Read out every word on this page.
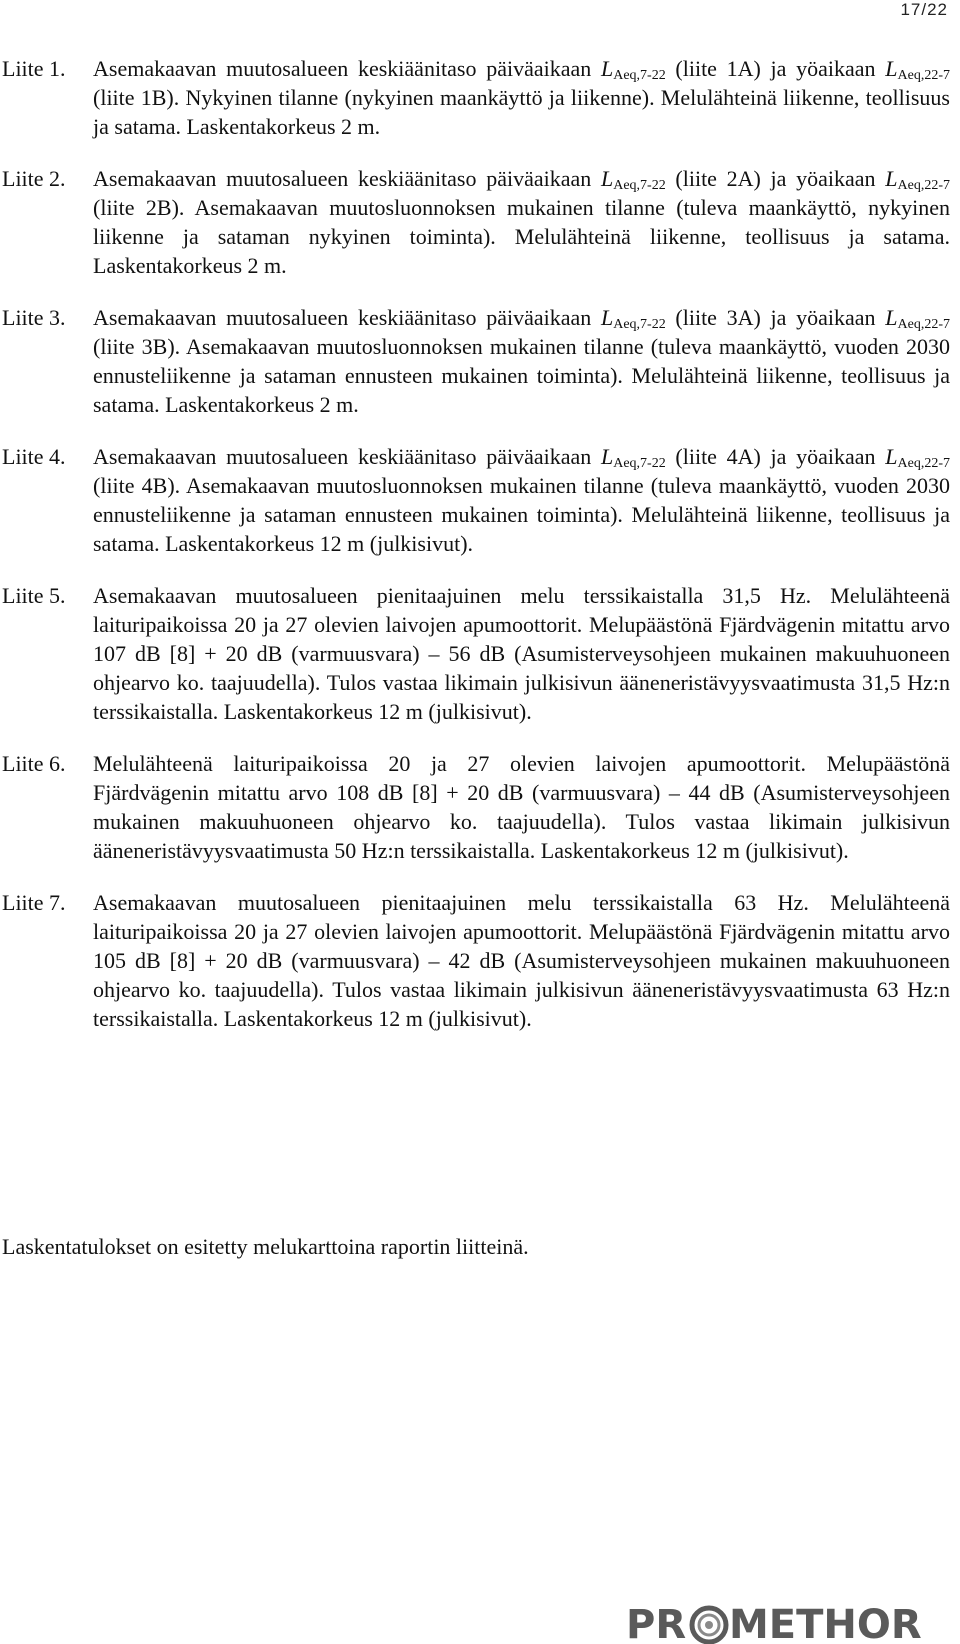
17/22
Liite 1.	Asemakaavan muutosalueen keskiäänitaso päiväaikaan $L_{Aeq,7-22}$ (liite 1A) ja yöaikaan $L_{Aeq,22-7}$ (liite 1B). Nykyinen tilanne (nykyinen maankäyttö ja liikenne). Melulähteinä liikenne, teollisuus ja satama. Laskentakorkeus 2 m.
Liite 2.	Asemakaavan muutosalueen keskiäänitaso päiväaikaan $L_{Aeq,7-22}$ (liite 2A) ja yöaikaan $L_{Aeq,22-7}$ (liite 2B). Asemakaavan muutosluonnoksen mukainen tilanne (tuleva maankäyttö, nykyinen liikenne ja sataman nykyinen toiminta). Melulähteinä liikenne, teollisuus ja satama. Laskentakorkeus 2 m.
Liite 3.	Asemakaavan muutosalueen keskiäänitaso päiväaikaan $L_{Aeq,7-22}$ (liite 3A) ja yöaikaan $L_{Aeq,22-7}$ (liite 3B). Asemakaavan muutosluonnoksen mukainen tilanne (tuleva maankäyttö, vuoden 2030 ennusteliikenne ja sataman ennusteen mukainen toiminta). Melulähteinä liikenne, teollisuus ja satama. Laskentakorkeus 2 m.
Liite 4.	Asemakaavan muutosalueen keskiäänitaso päiväaikaan $L_{Aeq,7-22}$ (liite 4A) ja yöaikaan $L_{Aeq,22-7}$ (liite 4B). Asemakaavan muutosluonnoksen mukainen tilanne (tuleva maankäyttö, vuoden 2030 ennusteliikenne ja sataman ennusteen mukainen toiminta). Melulähteinä liikenne, teollisuus ja satama. Laskentakorkeus 12 m (julkisivut).
Liite 5.	Asemakaavan muutosalueen pienitaajuinen melu terssikaistalla 31,5 Hz. Melulähteenä laituripaikoissa 20 ja 27 olevien laivojen apumoottorit. Melupäästönä Fjärdvägenin mitattu arvo 107 dB [8] + 20 dB (varmuusvara) – 56 dB (Asumisterveysohjeen mukainen makuuhuoneen ohjearvo ko. taajuudella). Tulos vastaa likimain julkisivun ääneneristävyysvaatimusta 31,5 Hz:n terssikaistalla. Laskentakorkeus 12 m (julkisivut).
Liite 6.	Melulähteenä laituripaikoissa 20 ja 27 olevien laivojen apumoottorit. Melupäästönä Fjärdvägenin mitattu arvo 108 dB [8] + 20 dB (varmuusvara) – 44 dB (Asumisterveysohjeen mukainen makuuhuoneen ohjearvo ko. taajuudella). Tulos vastaa likimain julkisivun ääneneristävyysvaatimusta 50 Hz:n terssikaistalla. Laskentakorkeus 12 m (julkisivut).
Liite 7.	Asemakaavan muutosalueen pienitaajuinen melu terssikaistalla 63 Hz. Melulähteenä laituripaikoissa 20 ja 27 olevien laivojen apumoottorit. Melupäästönä Fjärdvägenin mitattu arvo 105 dB [8] + 20 dB (varmuusvara) – 42 dB (Asumisterveysohjeen mukainen makuuhuoneen ohjearvo ko. taajuudella). Tulos vastaa likimain julkisivun ääneneristävyysvaatimusta 63 Hz:n terssikaistalla. Laskentakorkeus 12 m (julkisivut).
Laskentatulokset on esitetty melukarttoina raportin liitteinä.
PR METHOR
